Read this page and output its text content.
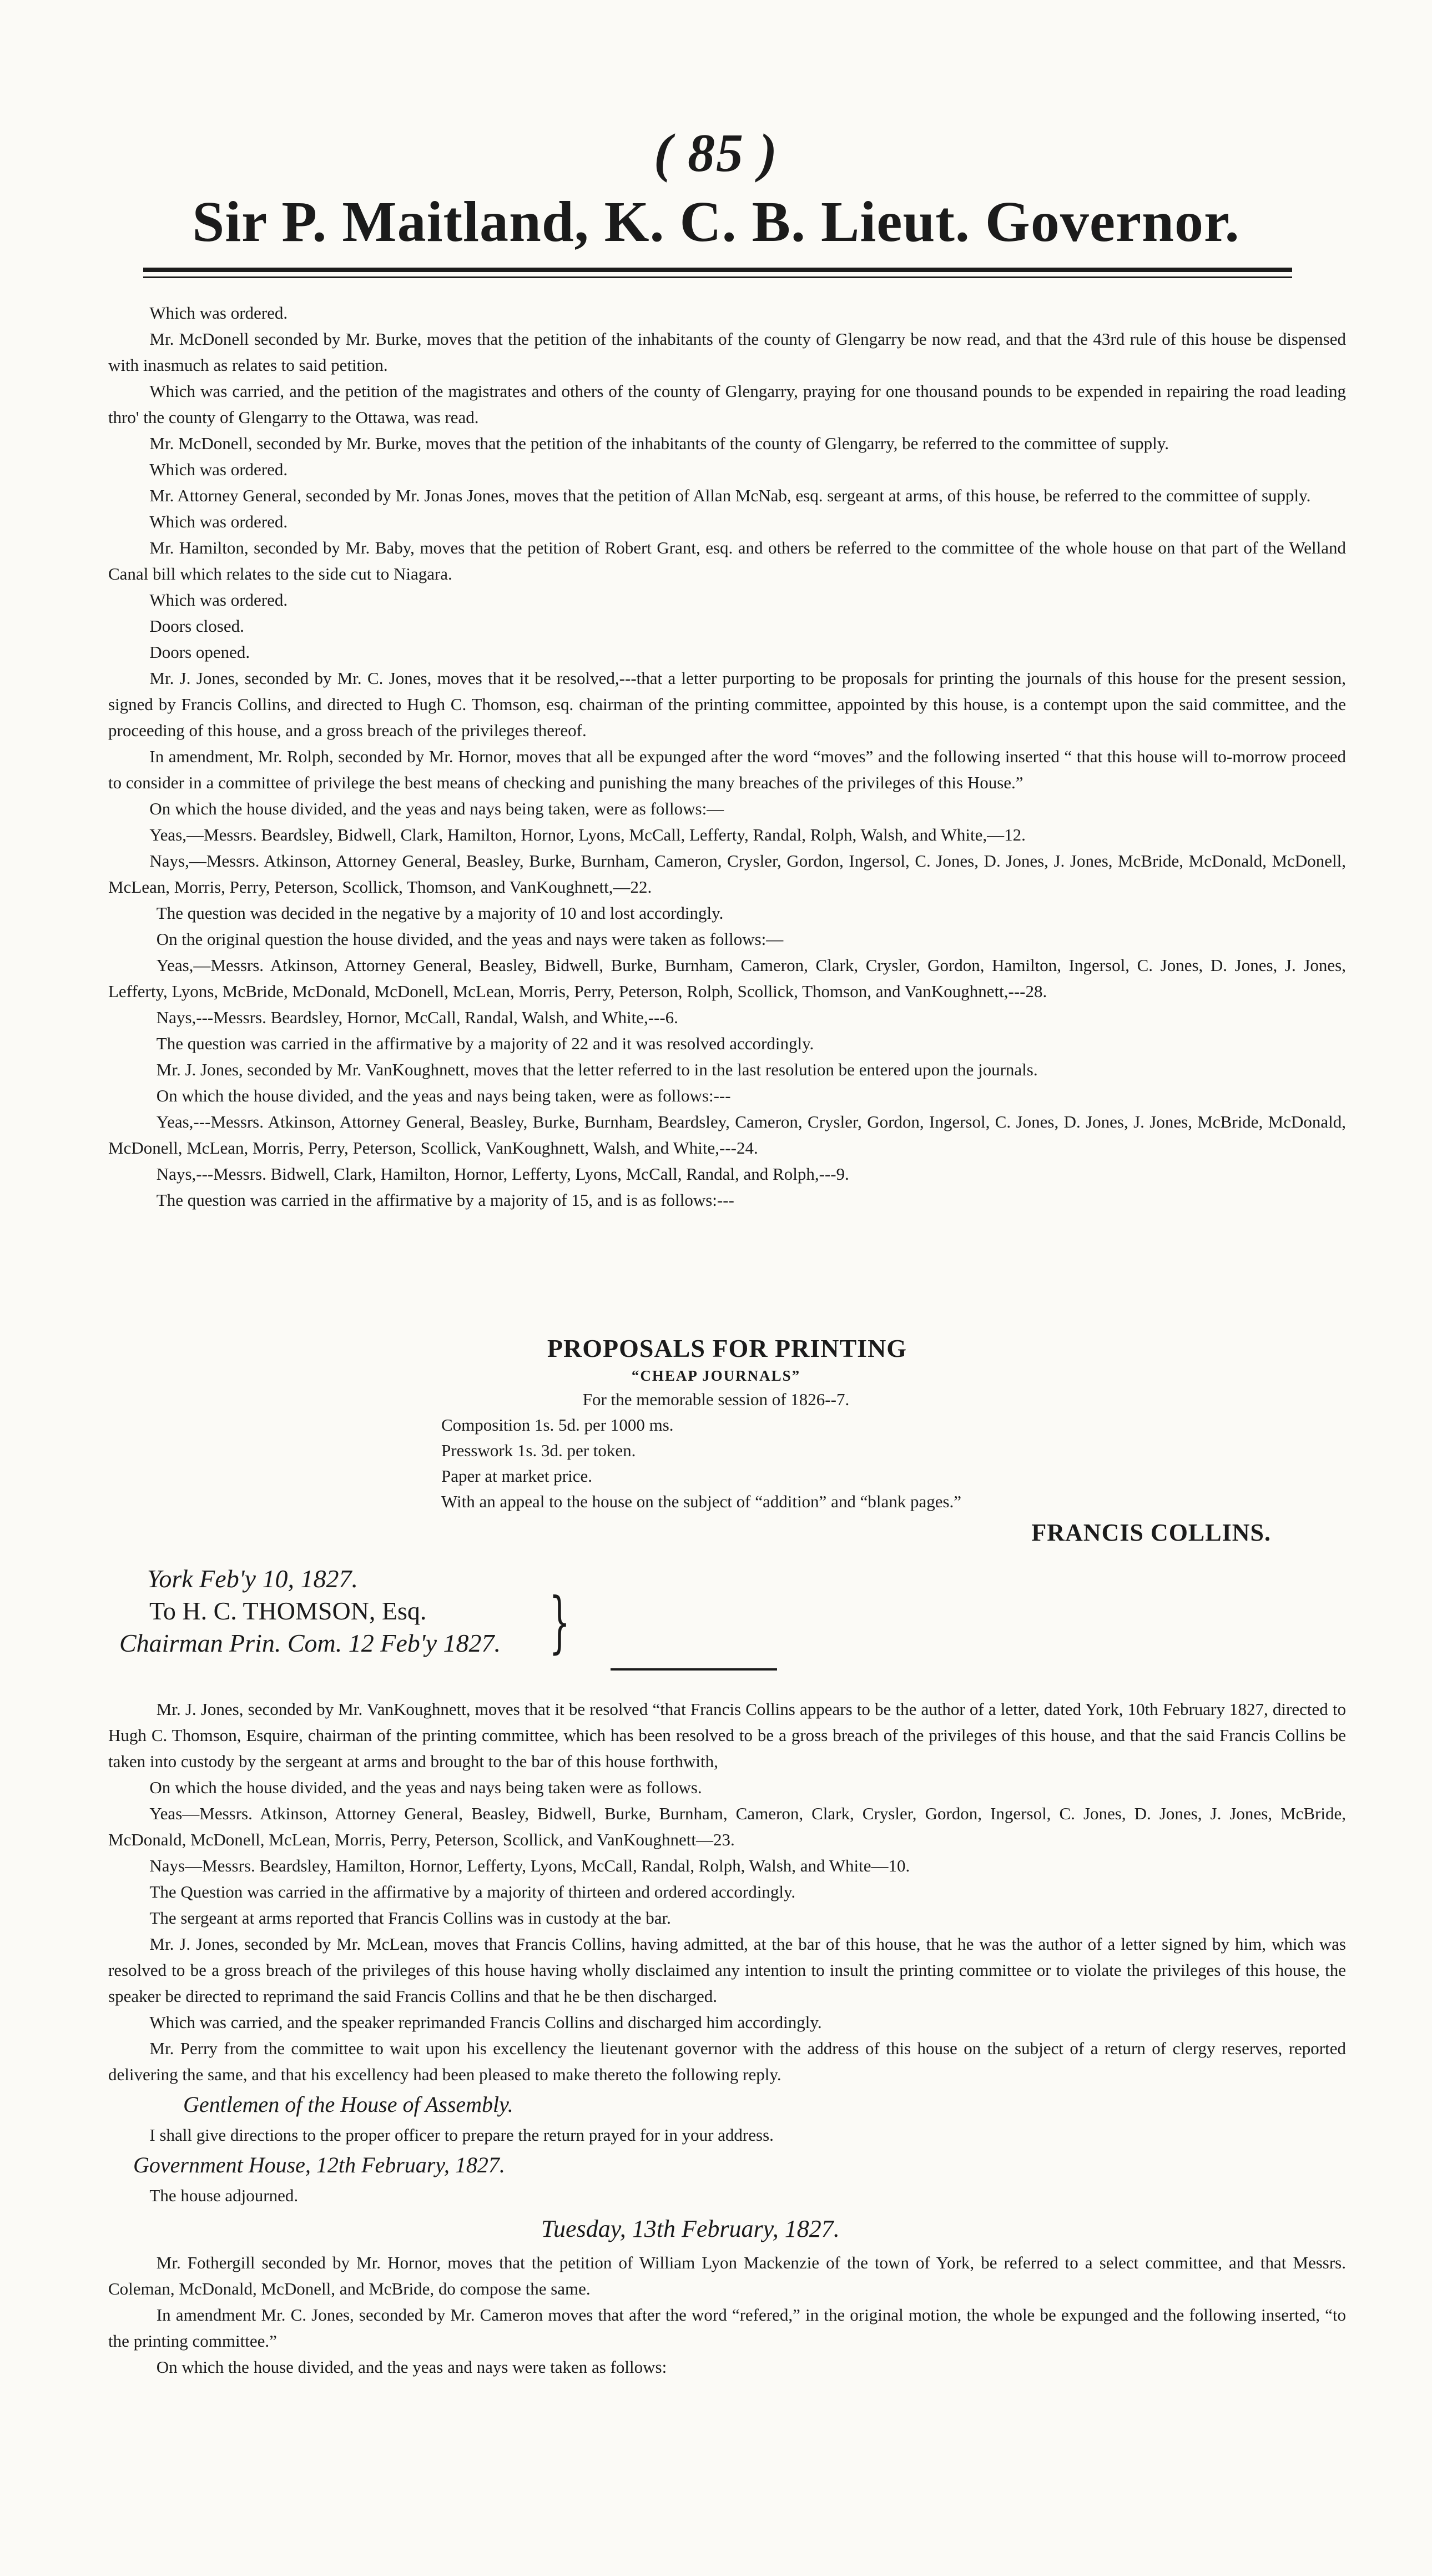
( 85 )
Sir P. Maitland, K. C. B. Lieut. Governor.

Which was ordered.

Mr. McDonell seconded by Mr. Burke, moves that the petition of the inhabitants of the county of Glengarry be now read, and that the 43rd rule of this house be dispensed with inasmuch as relates to said petition.

Which was carried, and the petition of the magistrates and others of the county of Glengarry, praying for one thousand pounds to be expended in repairing the road leading thro' the county of Glengarry to the Ottawa, was read.

Mr. McDonell, seconded by Mr. Burke, moves that the petition of the inhabitants of the county of Glengarry, be referred to the committee of supply.

Which was ordered.

Mr. Attorney General, seconded by Mr. Jonas Jones, moves that the petition of Allan McNab, esq. sergeant at arms, of this house, be referred to the committee of supply.

Which was ordered.

Mr. Hamilton, seconded by Mr. Baby, moves that the petition of Robert Grant, esq. and others be referred to the committee of the whole house on that part of the Welland Canal bill which relates to the side cut to Niagara.

Which was ordered.

Doors closed.

Doors opened.

Mr. J. Jones, seconded by Mr. C. Jones, moves that it be resolved,---that a letter purporting to be proposals for printing the journals of this house for the present session, signed by Francis Collins, and directed to Hugh C. Thomson, esq. chairman of the printing committee, appointed by this house, is a contempt upon the said committee, and the proceeding of this house, and a gross breach of the privileges thereof.

In amendment, Mr. Rolph, seconded by Mr. Hornor, moves that all be expunged after the word “moves” and the following inserted “ that this house will to-morrow proceed to consider in a committee of privilege the best means of checking and punishing the many breaches of the privileges of this House.”

On which the house divided, and the yeas and nays being taken, were as follows:—

Yeas,—Messrs. Beardsley, Bidwell, Clark, Hamilton, Hornor, Lyons, McCall, Lefferty, Randal, Rolph, Walsh, and White,—12.

Nays,—Messrs. Atkinson, Attorney General, Beasley, Burke, Burnham, Cameron, Crysler, Gordon, Ingersol, C. Jones, D. Jones, J. Jones, McBride, McDonald, McDonell, McLean, Morris, Perry, Peterson, Scollick, Thomson, and VanKoughnett,—22.

The question was decided in the negative by a majority of 10 and lost accordingly.

On the original question the house divided, and the yeas and nays were taken as follows:—

Yeas,—Messrs. Atkinson, Attorney General, Beasley, Bidwell, Burke, Burnham, Cameron, Clark, Crysler, Gordon, Hamilton, Ingersol, C. Jones, D. Jones, J. Jones, Lefferty, Lyons, McBride, McDonald, McDonell, McLean, Morris, Perry, Peterson, Rolph, Scollick, Thomson, and VanKoughnett,---28.

Nays,---Messrs. Beardsley, Hornor, McCall, Randal, Walsh, and White,---6.

The question was carried in the affirmative by a majority of 22 and it was resolved accordingly.

Mr. J. Jones, seconded by Mr. VanKoughnett, moves that the letter referred to in the last resolution be entered upon the journals.

On which the house divided, and the yeas and nays being taken, were as follows:---

Yeas,---Messrs. Atkinson, Attorney General, Beasley, Burke, Burnham, Beardsley, Cameron, Crysler, Gordon, Ingersol, C. Jones, D. Jones, J. Jones, McBride, McDonald, McDonell, McLean, Morris, Perry, Peterson, Scollick, VanKoughnett, Walsh, and White,---24.

Nays,---Messrs. Bidwell, Clark, Hamilton, Hornor, Lefferty, Lyons, McCall, Randal, and Rolph,---9.

The question was carried in the affirmative by a majority of 15, and is as follows:---

PROPOSALS FOR PRINTING
“CHEAP JOURNALS”
For the memorable session of 1826--7.
Composition 1s. 5d. per 1000 ms.
Presswork 1s. 3d. per token.
Paper at market price.
With an appeal to the house on the subject of “addition” and “blank pages.”
FRANCIS COLLINS.
York Feb'y 10, 1827.
To H. C. THOMSON, Esq.
Chairman Prin. Com. 12 Feb'y 1827. }

Mr. J. Jones, seconded by Mr. VanKoughnett, moves that it be resolved “that Francis Collins appears to be the author of a letter, dated York, 10th February 1827, directed to Hugh C. Thomson, Esquire, chairman of the printing committee, which has been resolved to be a gross breach of the privileges of this house, and that the said Francis Collins be taken into custody by the sergeant at arms and brought to the bar of this house forthwith,

On which the house divided, and the yeas and nays being taken were as follows.

Yeas—Messrs. Atkinson, Attorney General, Beasley, Bidwell, Burke, Burnham, Cameron, Clark, Crysler, Gordon, Ingersol, C. Jones, D. Jones, J. Jones, McBride, McDonald, McDonell, McLean, Morris, Perry, Peterson, Scollick, and VanKoughnett—23.

Nays—Messrs. Beardsley, Hamilton, Hornor, Lefferty, Lyons, McCall, Randal, Rolph, Walsh, and White—10.

The Question was carried in the affirmative by a majority of thirteen and ordered accordingly.

The sergeant at arms reported that Francis Collins was in custody at the bar.

Mr. J. Jones, seconded by Mr. McLean, moves that Francis Collins, having admitted, at the bar of this house, that he was the author of a letter signed by him, which was resolved to be a gross breach of the privileges of this house having wholly disclaimed any intention to insult the printing committee or to violate the privileges of this house, the speaker be directed to reprimand the said Francis Collins and that he be then discharged.

Which was carried, and the speaker reprimanded Francis Collins and discharged him accordingly.

Mr. Perry from the committee to wait upon his excellency the lieutenant governor with the address of this house on the subject of a return of clergy reserves, reported delivering the same, and that his excellency had been pleased to make thereto the following reply.

Gentlemen of the House of Assembly.

I shall give directions to the proper officer to prepare the return prayed for in your address.

Government House, 12th February, 1827.

The house adjourned.

Tuesday, 13th February, 1827.

Mr. Fothergill seconded by Mr. Hornor, moves that the petition of William Lyon Mackenzie of the town of York, be referred to a select committee, and that Messrs. Coleman, McDonald, McDonell, and McBride, do compose the same.

In amendment Mr. C. Jones, seconded by Mr. Cameron moves that after the word “refered,” in the original motion, the whole be expunged and the following inserted, “to the printing committee.”

On which the house divided, and the yeas and nays were taken as follows:
